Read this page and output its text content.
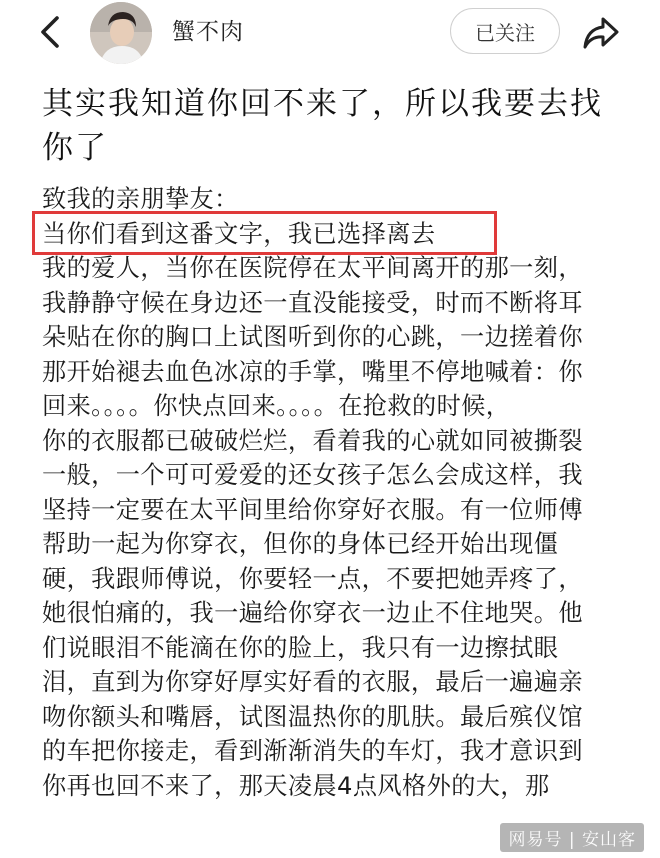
蟹不肉	已关注
其实我知道你回不来了，所以我要去找你了

致我的亲朋挚友：

当你们看到这番文字，我已选择离去

我的爱人，当你在医院停在太平间离开的那一刻，

我静静守候在身边还一直没能接受，时而不断将耳

朵贴在你的胸口上试图听到你的心跳，一边搓着你

那开始褪去血色冰凉的手掌，嘴里不停地喊着：你

回来。。。。你快点回来。。。。在抢救的时候，

你的衣服都已破破烂烂，看着我的心就如同被撕裂

一般，一个可可爱爱的还女孩子怎么会成这样，我

坚持一定要在太平间里给你穿好衣服。有一位师傅

帮助一起为你穿衣，但你的身体已经开始出现僵

硬，我跟师傅说，你要轻一点，不要把她弄疼了，

她很怕痛的，我一遍给你穿衣一边止不住地哭。他

们说眼泪不能滴在你的脸上，我只有一边擦拭眼

泪，直到为你穿好厚实好看的衣服，最后一遍遍亲

吻你额头和嘴唇，试图温热你的肌肤。最后殡仪馆

的车把你接走，看到渐渐消失的车灯，我才意识到

你再也回不来了，那天凌晨4点风格外的大，那

网易号 | 安山客
